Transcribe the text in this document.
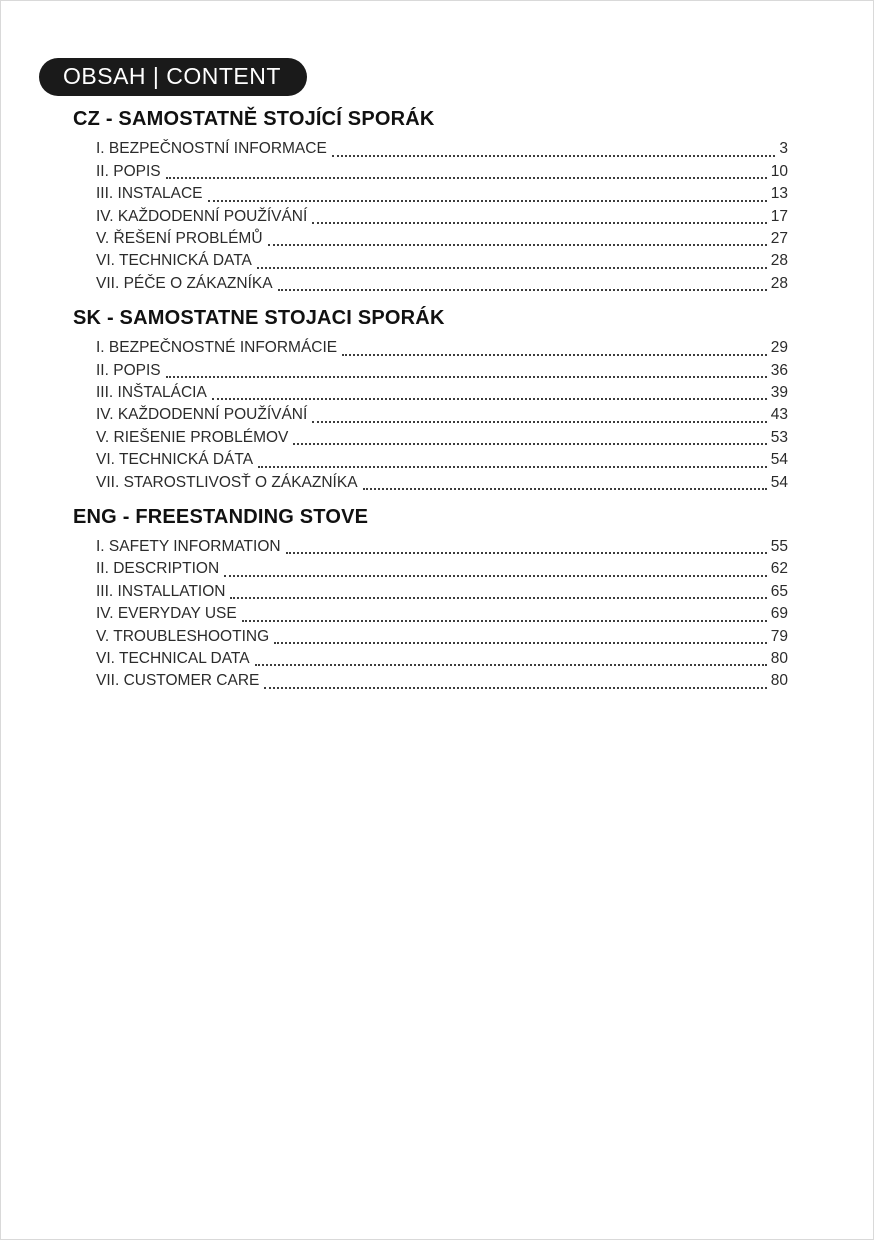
OBSAH | CONTENT
CZ - SAMOSTATNĚ STOJÍCÍ SPORÁK
I. BEZPEČNOSTNÍ INFORMACE	3
II. POPIS	10
III. INSTALACE	13
IV. KAŽDODENNÍ POUŽÍVÁNÍ	17
V. ŘEŠENÍ PROBLÉMŮ	27
VI. TECHNICKÁ DATA	28
VII. PÉČE O ZÁKAZNÍKA	28
SK - SAMOSTATNE STOJACI SPORÁK
I. BEZPEČNOSTNÉ INFORMÁCIE	29
II. POPIS	36
III. INŠTALÁCIA	39
IV. KAŽDODENNÍ POUŽÍVÁNÍ	43
V. RIEŠENIE PROBLÉMOV	53
VI. TECHNICKÁ DÁTA	54
VII. STAROSTLIVOSŤ O ZÁKAZNÍKA	54
ENG - FREESTANDING STOVE
I. SAFETY INFORMATION	55
II. DESCRIPTION	62
III. INSTALLATION	65
IV. EVERYDAY USE	69
V. TROUBLESHOOTING	79
VI. TECHNICAL DATA	80
VII. CUSTOMER CARE	80
